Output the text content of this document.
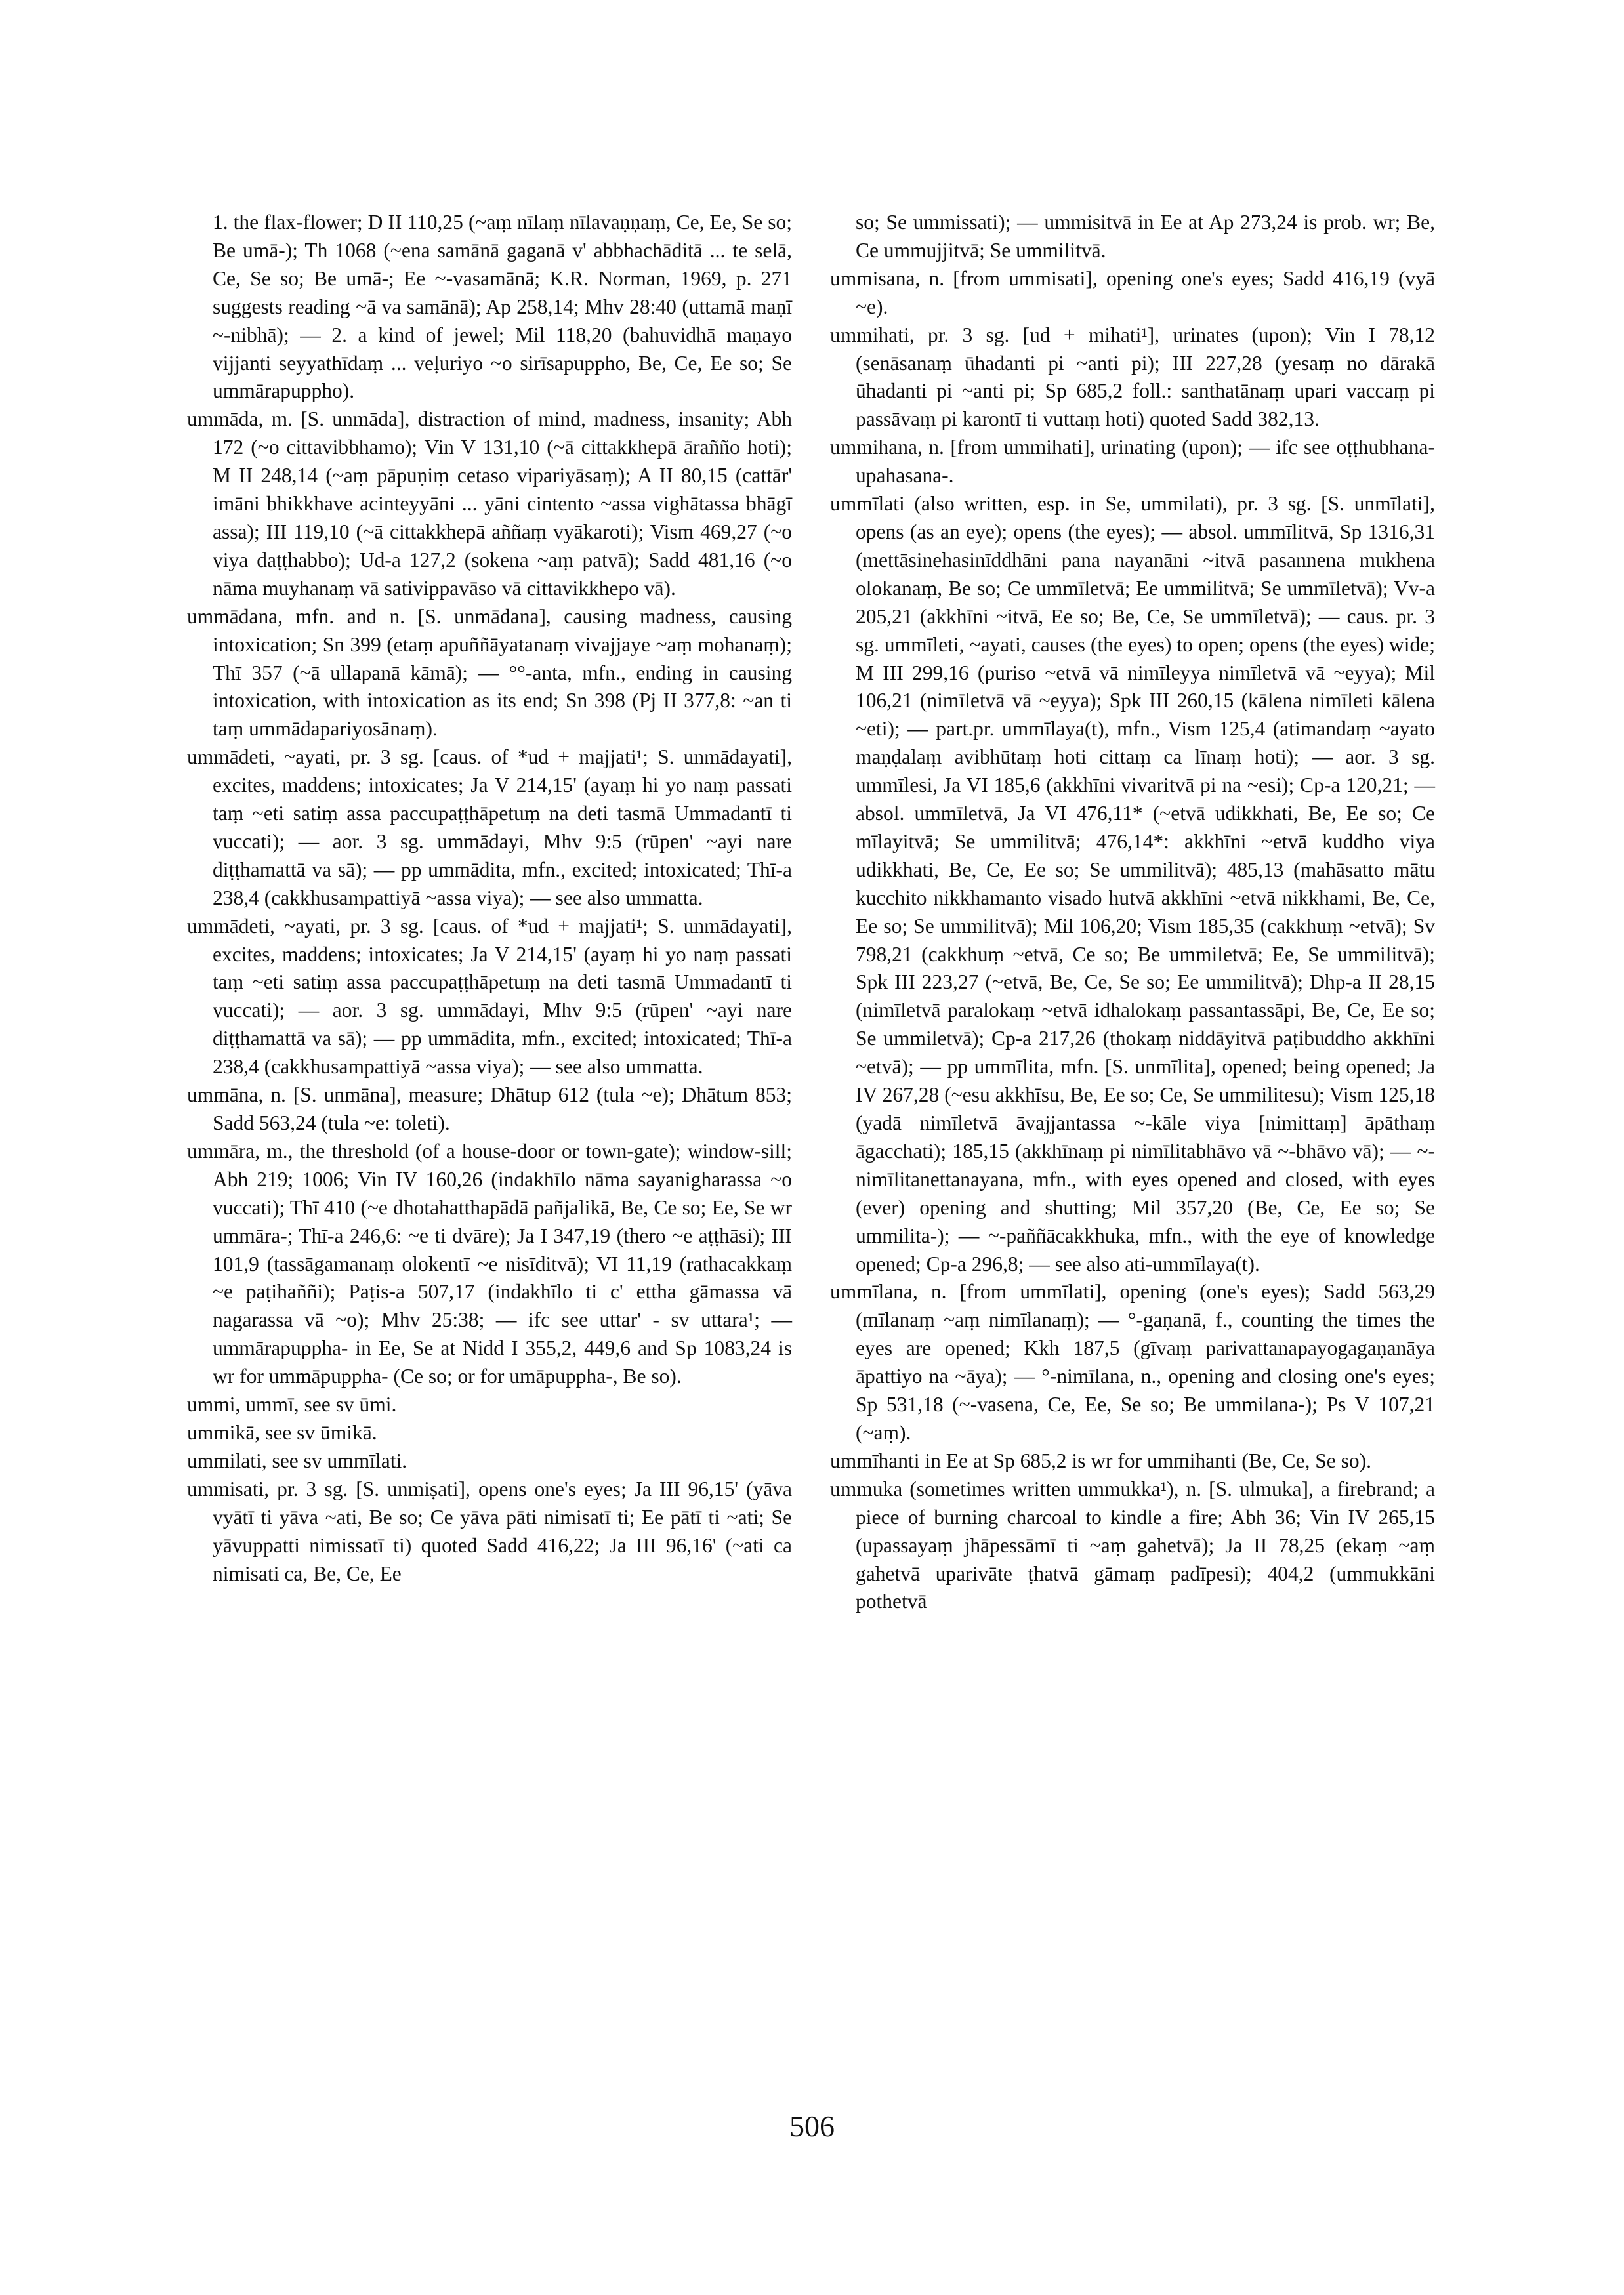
1. the flax-flower; D II 110,25 (~aṃ nīlaṃ nīlavaṇṇaṃ, Ce, Ee, Se so; Be umā-); Th 1068 (~ena samānā gaganā v' abbhachāditā ... te selā, Ce, Se so; Be umā-; Ee ~-vasamānā; K.R. Norman, 1969, p. 271 suggests reading ~ā va samānā); Ap 258,14; Mhv 28:40 (uttamā maṇī ~-nibhā); — 2. a kind of jewel; Mil 118,20 (bahuvidhā maṇayo vijjanti seyyathīdaṃ ... veḷuriyo ~o sirīsapuppho, Be, Ce, Ee so; Se ummārapuppho).

ummāda, m. [S. unmāda], distraction of mind, madness, insanity; Abh 172 (~o cittavibbhamo); Vin V 131,10 (~ā cittakkhepā ārañño hoti); M II 248,14 (~aṃ pāpuṇiṃ cetaso vipariyāsaṃ); A II 80,15 (cattār' imāni bhikkhave acinteyyāni ... yāni cintento ~assa vighātassa bhāgī assa); III 119,10 (~ā cittakkhepā aññaṃ vyākaroti); Vism 469,27 (~o viya daṭṭhabbo); Ud-a 127,2 (sokena ~aṃ patvā); Sadd 481,16 (~o nāma muyhanaṃ vā sativippavāso vā cittavikkhepo vā).

ummādana, mfn. and n. [S. unmādana], causing madness, causing intoxication; Sn 399 (etaṃ apuññāyatanaṃ vivajjaye ~aṃ mohanaṃ); Thī 357 (~ā ullapanā kāmā); — °°-anta, mfn., ending in causing intoxication, with intoxication as its end; Sn 398 (Pj II 377,8: ~an ti taṃ ummādapariyosānaṃ).

ummādeti, ~ayati, pr. 3 sg. [caus. of *ud + majjati¹; S. unmādayati], excites, maddens; intoxicates; Ja V 214,15' (ayaṃ hi yo naṃ passati taṃ ~eti satiṃ assa paccupaṭṭhāpetuṃ na deti tasmā Ummadantī ti vuccati); — aor. 3 sg. ummādayi, Mhv 9:5 (rūpen' ~ayi nare diṭṭhamattā va sā); — pp ummādita, mfn., excited; intoxicated; Thī-a 238,4 (cakkhusampattiyā ~assa viya); — see also ummatta.

ummādeti, ~ayati, pr. 3 sg. [caus. of *ud + majjati¹; S. unmādayati], excites, maddens; intoxicates; Ja V 214,15' (ayaṃ hi yo naṃ passati taṃ ~eti satiṃ assa paccupaṭṭhāpetuṃ na deti tasmā Ummadantī ti vuccati); — aor. 3 sg. ummādayi, Mhv 9:5 (rūpen' ~ayi nare diṭṭhamattā va sā); — pp ummādita, mfn., excited; intoxicated; Thī-a 238,4 (cakkhusampattiyā ~assa viya); — see also ummatta.

ummāna, n. [S. unmāna], measure; Dhātup 612 (tula ~e); Dhātum 853; Sadd 563,24 (tula ~e: toleti).

ummāra, m., the threshold (of a house-door or town-gate); window-sill; Abh 219; 1006; Vin IV 160,26 (indakhīlo nāma sayanigharassa ~o vuccati); Thī 410 (~e dhotahatthapādā pañjalikā, Be, Ce so; Ee, Se wr ummāra-; Thī-a 246,6: ~e ti dvāre); Ja I 347,19 (thero ~e aṭṭhāsi); III 101,9 (tassāgamanaṃ olokentī ~e nisīditvā); VI 11,19 (rathacakkaṃ ~e paṭihaññi); Paṭis-a 507,17 (indakhīlo ti c' ettha gāmassa vā nagarassa vā ~o); Mhv 25:38; — ifc see uttar' - sv uttara¹; — ummārapuppha- in Ee, Se at Nidd I 355,2, 449,6 and Sp 1083,24 is wr for ummāpuppha- (Ce so; or for umāpuppha-, Be so).

ummi, ummī, see sv ūmi.

ummikā, see sv ūmikā.

ummilati, see sv ummīlati.

ummisati, pr. 3 sg. [S. unmiṣati], opens one's eyes; Ja III 96,15' (yāva vyātī ti yāva ~ati, Be so; Ce yāva pāti nimisatī ti; Ee pātī ti ~ati; Se yāvuppatti nimissatī ti) quoted Sadd 416,22; Ja III 96,16' (~ati ca nimisati ca, Be, Ce, Ee

so; Se ummissati); — ummisitvā in Ee at Ap 273,24 is prob. wr; Be, Ce ummujjitvā; Se ummilitvā.

ummisana, n. [from ummisati], opening one's eyes; Sadd 416,19 (vyā ~e).

ummihati, pr. 3 sg. [ud + mihati¹], urinates (upon); Vin I 78,12 (senāsanaṃ ūhadanti pi ~anti pi); III 227,28 (yesaṃ no dārakā ūhadanti pi ~anti pi; Sp 685,2 foll.: santhatānaṃ upari vaccaṃ pi passāvaṃ pi karontī ti vuttaṃ hoti) quoted Sadd 382,13.

ummihana, n. [from ummihati], urinating (upon); — ifc see oṭṭhubhana-upahasana-.

ummīlati (also written, esp. in Se, ummilati), pr. 3 sg. [S. unmīlati], opens (as an eye); opens (the eyes); — absol. ummīlitvā, Sp 1316,31 (mettāsinehasinīddhāni pana nayanāni ~itvā pasannena mukhena olokanaṃ, Be so; Ce ummīletvā; Ee ummilitvā; Se ummīletvā); Vv-a 205,21 (akkhīni ~itvā, Ee so; Be, Ce, Se ummīletvā); — caus. pr. 3 sg. ummīleti, ~ayati, causes (the eyes) to open; opens (the eyes) wide; M III 299,16 (puriso ~etvā vā nimīleyya nimīletvā vā ~eyya); Mil 106,21 (nimīletvā vā ~eyya); Spk III 260,15 (kālena nimīleti kālena ~eti); — part.pr. ummīlaya(t), mfn., Vism 125,4 (atimandaṃ ~ayato maṇḍalaṃ avibhūtaṃ hoti cittaṃ ca līnaṃ hoti); — aor. 3 sg. ummīlesi, Ja VI 185,6 (akkhīni vivaritvā pi na ~esi); Cp-a 120,21; — absol. ummīletvā, Ja VI 476,11* (~etvā udikkhati, Be, Ee so; Ce mīlayitvā; Se ummilitvā; 476,14*: akkhīni ~etvā kuddho viya udikkhati, Be, Ce, Ee so; Se ummilitvā); 485,13 (mahāsatto mātu kucchito nikkhamanto visado hutvā akkhīni ~etvā nikkhami, Be, Ce, Ee so; Se ummilitvā); Mil 106,20; Vism 185,35 (cakkhuṃ ~etvā); Sv 798,21 (cakkhuṃ ~etvā, Ce so; Be ummiletvā; Ee, Se ummilitvā); Spk III 223,27 (~etvā, Be, Ce, Se so; Ee ummilitvā); Dhp-a II 28,15 (nimīletvā paralokaṃ ~etvā idhalokaṃ passantassāpi, Be, Ce, Ee so; Se ummiletvā); Cp-a 217,26 (thokaṃ niddāyitvā paṭibuddho akkhīni ~etvā); — pp ummīlita, mfn. [S. unmīlita], opened; being opened; Ja IV 267,28 (~esu akkhīsu, Be, Ee so; Ce, Se ummilitesu); Vism 125,18 (yadā nimīletvā āvajjantassa ~-kāle viya [nimittaṃ] āpāthaṃ āgacchati); 185,15 (akkhīnaṃ pi nimīlitabhāvo vā ~-bhāvo vā); — ~-nimīlitanettanayana, mfn., with eyes opened and closed, with eyes (ever) opening and shutting; Mil 357,20 (Be, Ce, Ee so; Se ummilita-); — ~-paññācakkhuka, mfn., with the eye of knowledge opened; Cp-a 296,8; — see also ati-ummīlaya(t).

ummīlana, n. [from ummīlati], opening (one's eyes); Sadd 563,29 (mīlanaṃ ~aṃ nimīlanaṃ); — °-gaṇanā, f., counting the times the eyes are opened; Kkh 187,5 (gīvaṃ parivattanapayogagaṇanāya āpattiyo na ~āya); — °-nimīlana, n., opening and closing one's eyes; Sp 531,18 (~-vasena, Ce, Ee, Se so; Be ummilana-); Ps V 107,21 (~aṃ).

ummīhanti in Ee at Sp 685,2 is wr for ummihanti (Be, Ce, Se so).

ummuka (sometimes written ummukka¹), n. [S. ulmuka], a firebrand; a piece of burning charcoal to kindle a fire; Abh 36; Vin IV 265,15 (upassayaṃ jhāpessāmī ti ~aṃ gahetvā); Ja II 78,25 (ekaṃ ~aṃ gahetvā uparivāte ṭhatvā gāmaṃ padīpesi); 404,2 (ummukkāni pothetvā

506
